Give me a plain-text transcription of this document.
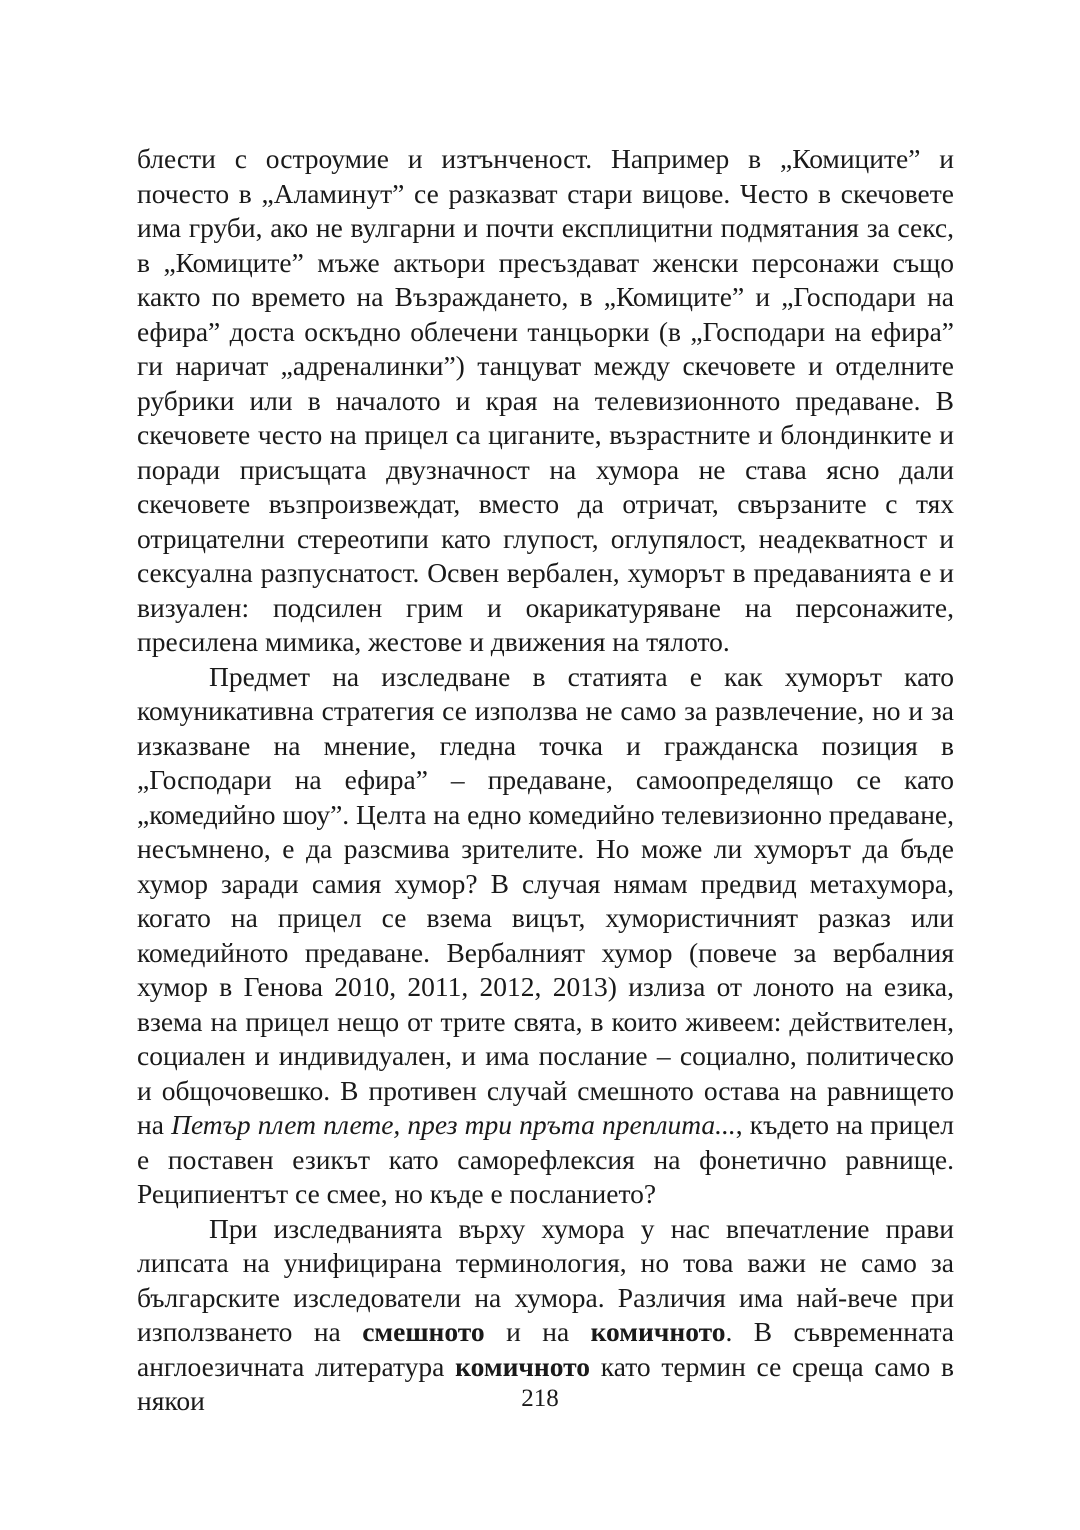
блести с остроумие и изтънченост. Например в „Комиците” и почесто в „Аламинут” се разказват стари вицове. Често в скечовете има груби, ако не вулгарни и почти експлицитни подмятания за секс, в „Комиците” мъже актьори пресъздават женски персонажи също както по времето на Възраждането, в „Комиците” и „Господари на ефира” доста оскъдно облечени танцьорки (в „Господари на ефира” ги наричат „адреналинки”) танцуват между скечовете и отделните рубрики или в началото и края на телевизионното предаване. В скечовете често на прицел са циганите, възрастните и блондинките и поради присъщата двузначност на хумора не става ясно дали скечовете възпроизвеждат, вместо да отричат, свързаните с тях отрицателни стереотипи като глупост, оглупялост, неадекватност и сексуална разпуснатост. Освен вербален, хуморът в предаванията е и визуален: подсилен грим и окарикатуряване на персонажите, пресилена мимика, жестове и движения на тялото.

Предмет на изследване в статията е как хуморът като комуникативна стратегия се използва не само за развлечение, но и за изказване на мнение, гледна точка и гражданска позиция в „Господари на ефира” – предаване, самоопределящо се като „комедийно шоу”. Целта на едно комедийно телевизионно предаване, несъмнено, е да разсмива зрителите. Но може ли хуморът да бъде хумор заради самия хумор? В случая нямам предвид метахумора, когато на прицел се взема вицът, хумористичният разказ или комедийното предаване. Вербалният хумор (повече за вербалния хумор в Генова 2010, 2011, 2012, 2013) излиза от лоното на езика, взема на прицел нещо от трите свята, в които живеем: действителен, социален и индивидуален, и има послание – социално, политическо и общочовешко. В противен случай смешното остава на равнището на Петър плет плете, през три пръта преплита..., където на прицел е поставен езикът като саморефлексия на фонетично равнище. Реципиентът се смее, но къде е посланието?

При изследванията върху хумора у нас впечатление прави липсата на унифицирана терминология, но това важи не само за българските изследователи на хумора. Различия има най-вече при използването на смешното и на комичното. В съвременната англоезичната литература комичното като термин се среща само в някои	218
